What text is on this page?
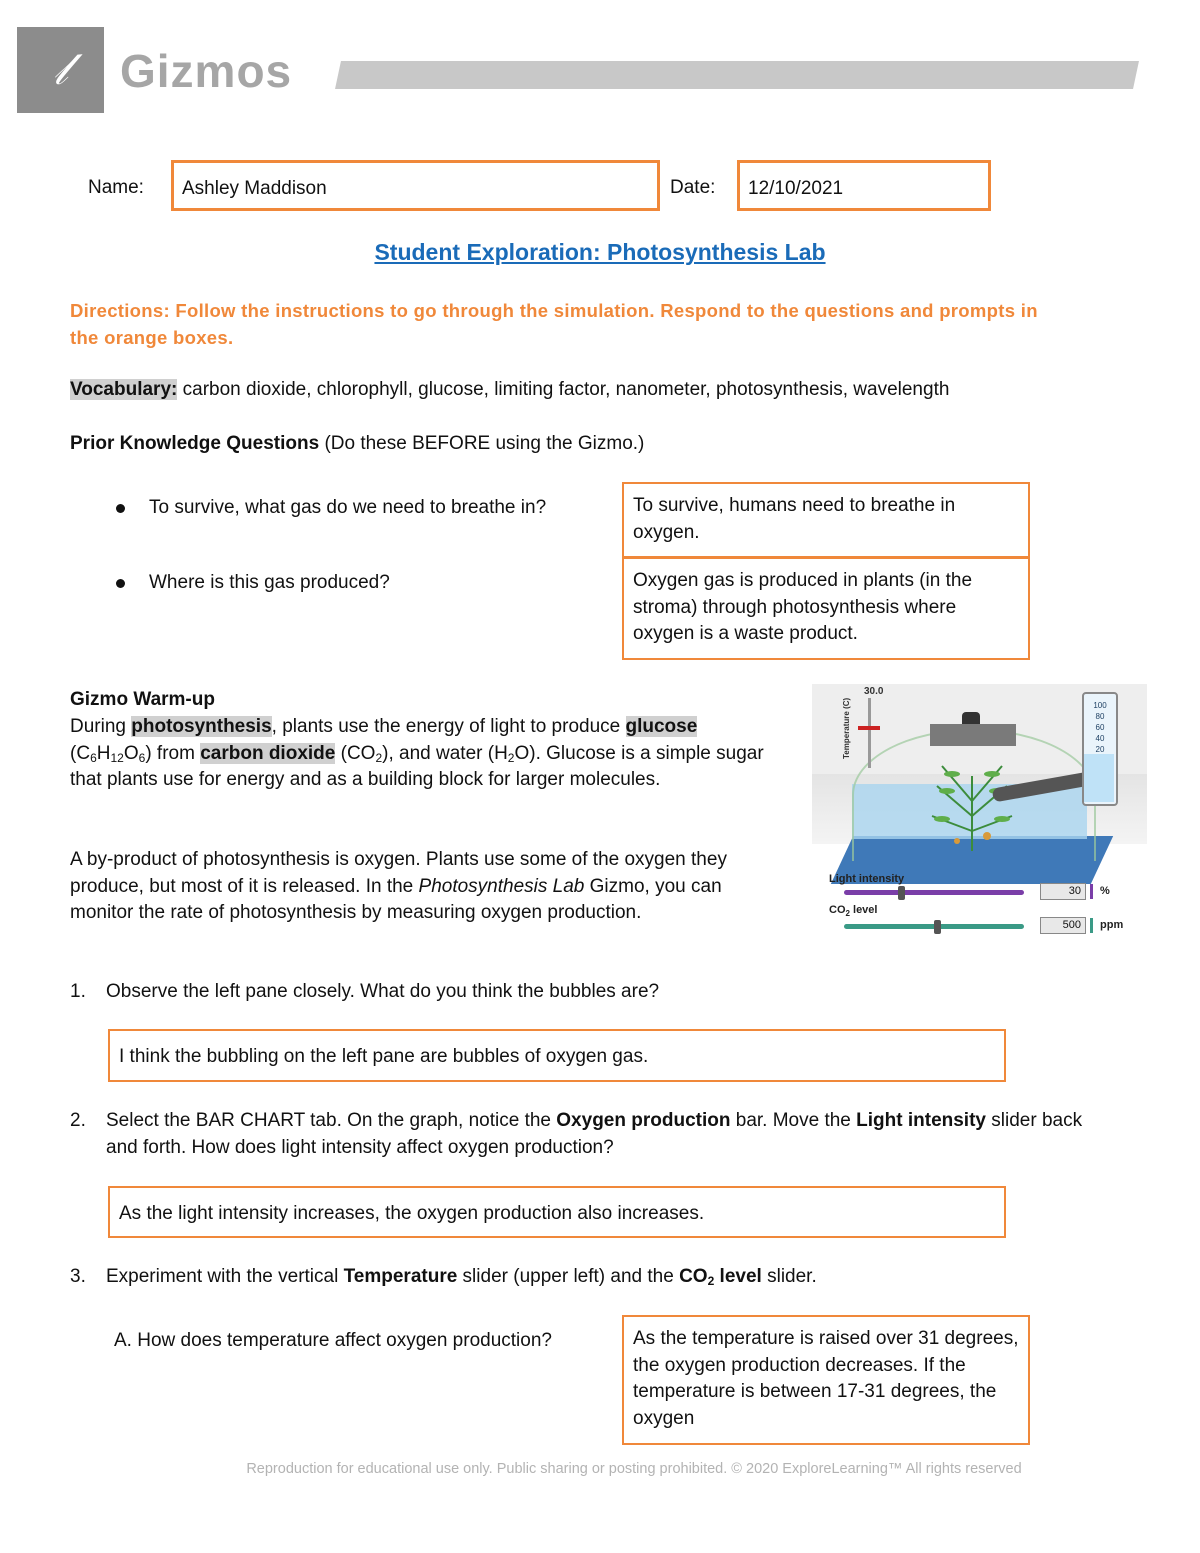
𝓁	Gizmos
Name:	Ashley Maddison	Date:	12/10/2021
Student Exploration: Photosynthesis Lab
Directions: Follow the instructions to go through the simulation. Respond to the questions and prompts in the orange boxes.
Vocabulary: carbon dioxide, chlorophyll, glucose, limiting factor, nanometer, photosynthesis, wavelength
Prior Knowledge Questions (Do these BEFORE using the Gizmo.)
To survive, what gas do we need to breathe in?	To survive, humans need to breathe in oxygen.
Where is this gas produced?	Oxygen gas is produced in plants (in the stroma) through photosynthesis where oxygen is a waste product.
Gizmo Warm-up
During photosynthesis, plants use the energy of light to produce glucose
$(C_6H_{12}O_6)$ from carbon dioxide $(CO_2)$, and water $(H_2O)$. Glucose is a simple sugar that plants use for energy and as a building block for larger molecules.
A by-product of photosynthesis is oxygen. Plants use some of the oxygen they produce, but most of it is released. In the Photosynthesis Lab Gizmo, you can monitor the rate of photosynthesis by measuring oxygen production.
100
80
60
40
20
30.0
Temperature (C)
Light intensity
30	%
$CO_2$ level
500	ppm
1. Observe the left pane closely. What do you think the bubbles are?
I think the bubbling on the left pane are bubbles of oxygen gas.
2. Select the BAR CHART tab. On the graph, notice the Oxygen production bar. Move the Light intensity slider back and forth. How does light intensity affect oxygen production?
As the light intensity increases, the oxygen production also increases.
3. Experiment with the vertical Temperature slider (upper left) and the $CO_2$ level slider.
A. How does temperature affect oxygen production?	As the temperature is raised over 31 degrees, the oxygen production decreases. If the temperature is between 17-31 degrees, the oxygen
Reproduction for educational use only. Public sharing or posting prohibited. © 2020 ExploreLearning™ All rights reserved
